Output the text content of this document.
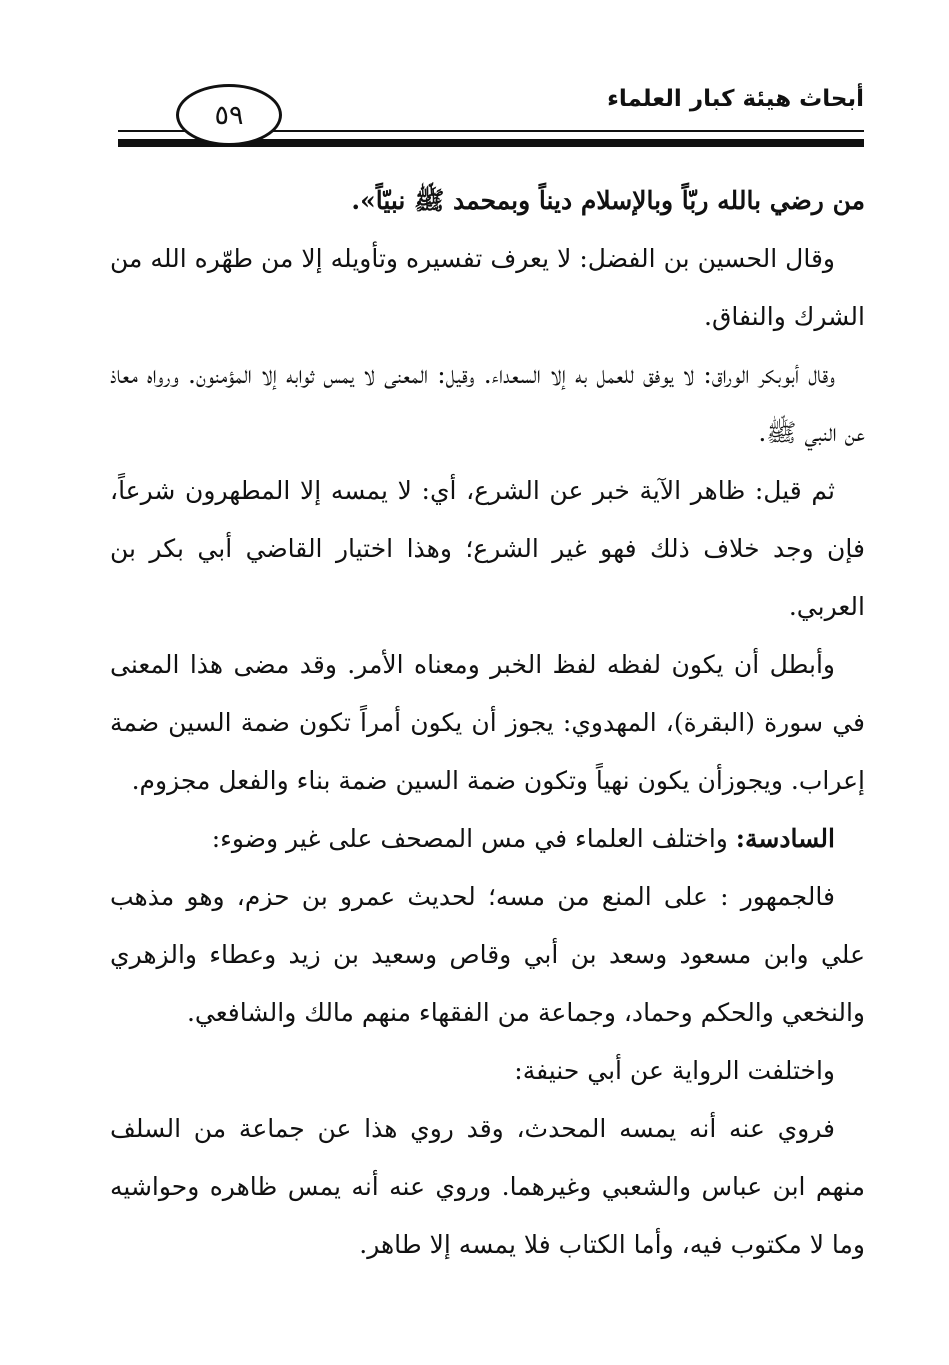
٥٩
أبحاث هيئة كبار العلماء

من رضي بالله ربّاً وبالإسلام ديناً وبمحمد ﷺ نبيّاً».

وقال الحسين بن الفضل: لا يعرف تفسيره وتأويله إلا من طهّره الله من الشرك والنفاق.

وقال أبوبكر الوراق: لا يوفق للعمل به إلا السعداء. وقيل: المعنى لا يمس ثوابه إلا المؤمنون. ورواه معاذ عن النبي ﷺ.

ثم قيل: ظاهر الآية خبر عن الشرع، أي: لا يمسه إلا المطهرون شرعاً، فإن وجد خلاف ذلك فهو غير الشرع؛ وهذا اختيار القاضي أبي بكر بن العربي.

وأبطل أن يكون لفظه لفظ الخبر ومعناه الأمر. وقد مضى هذا المعنى في سورة (البقرة)، المهدوي: يجوز أن يكون أمراً تكون ضمة السين ضمة إعراب. ويجوزأن يكون نهياً وتكون ضمة السين ضمة بناء والفعل مجزوم.

السادسة: واختلف العلماء في مس المصحف على غير وضوء:

فالجمهور : على المنع من مسه؛ لحديث عمرو بن حزم، وهو مذهب علي وابن مسعود وسعد بن أبي وقاص وسعيد بن زيد وعطاء والزهري والنخعي والحكم وحماد، وجماعة من الفقهاء منهم مالك والشافعي.

واختلفت الرواية عن أبي حنيفة:

فروي عنه أنه يمسه المحدث، وقد روي هذا عن جماعة من السلف منهم ابن عباس والشعبي وغيرهما. وروي عنه أنه يمس ظاهره وحواشيه وما لا مكتوب فيه، وأما الكتاب فلا يمسه إلا طاهر.
